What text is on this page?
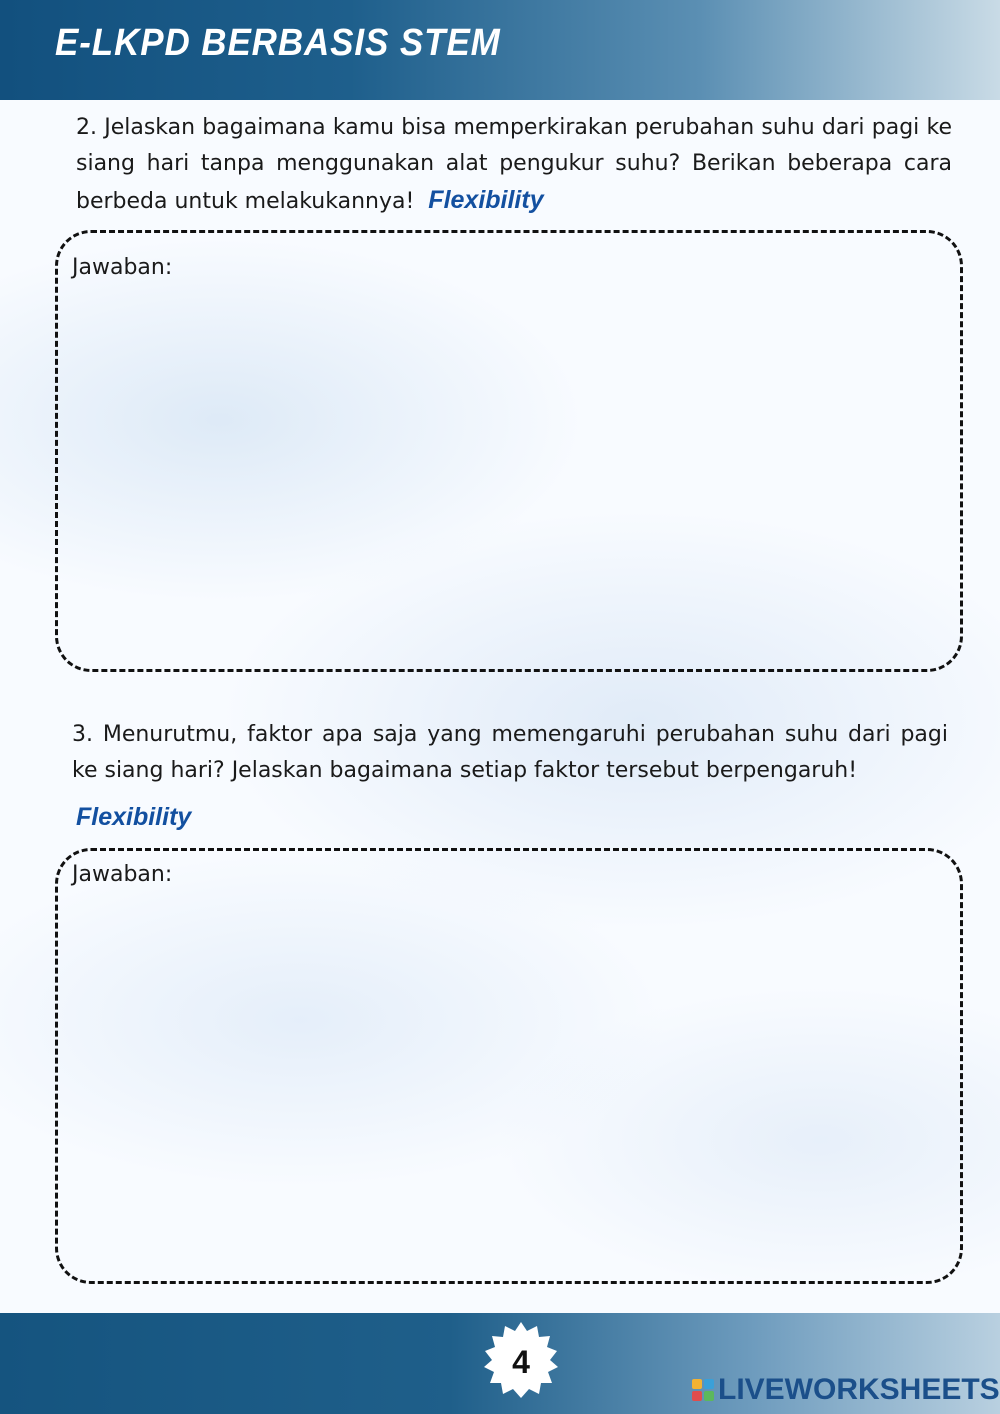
E-LKPD BERBASIS STEM
2. Jelaskan bagaimana kamu bisa memperkirakan perubahan suhu dari pagi ke siang hari tanpa menggunakan alat pengukur suhu? Berikan beberapa cara berbeda untuk melakukannya! Flexibility
Jawaban:
3. Menurutmu, faktor apa saja yang memengaruhi perubahan suhu dari pagi ke siang hari? Jelaskan bagaimana setiap faktor tersebut berpengaruh!
Flexibility
Jawaban:
4
LIVEWORKSHEETS
